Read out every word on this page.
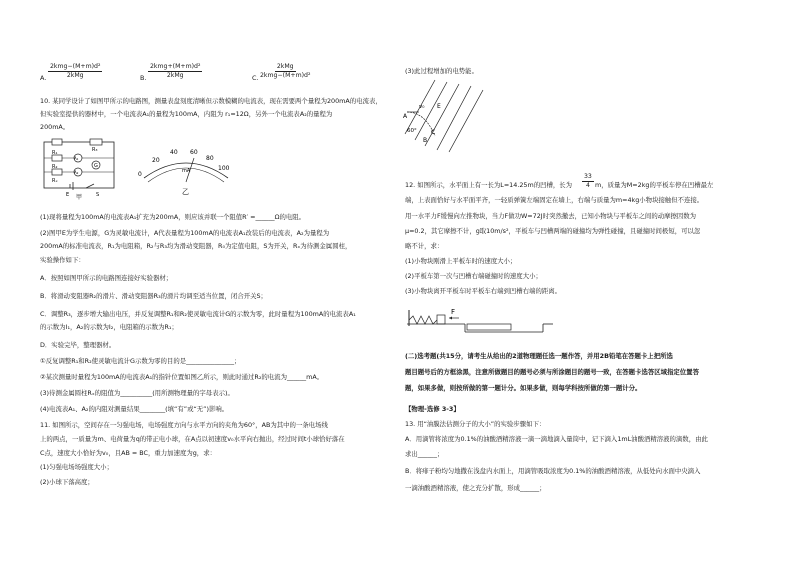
A.
2kmg−(M+m)d²
2kMg	B.
2kmg+(M+m)d²
2kMg	C.
2kMg
2kmg−(M+m)d²
10. 某同学设计了如图甲所示的电路图，测量表盘刻度清晰但示数模糊的电流表，现在需要两个量程为200mA的电流表，
但实验室提供的器材中，一个电流表A₁的量程为100mA，内阻为 r₁=12Ω，另外一个电流表A₂的量程为
200mA。
R₁
R₂
Rₓ
R₃
A₁
A₂
G
E	S
甲
0
20
40 60
80
100
mA
乙
(1)现将量程为100mA的电流表A₁扩充为200mA，则应该并联一个阻值R′ =______Ω的电阻。
(2)图甲E为学生电源，G为灵敏电流计，A代表量程为100mA的电流表A₁改装后的电流表，A₂为量程为
200mA的标准电流表，R₁为电阻箱，R₂与R₃均为滑动变阻器，R₀为定值电阻，S为开关，Rₓ为待测金属圆柱，
实验操作如下：
A．按照如图甲所示的电路图连接好实验器材；
B．将滑动变阻器R₂的滑片、滑动变阻器R₃的滑片均调至适当位置，闭合开关S；
C．调整R₃，逐步增大输出电压，并反复调整R₁和R₂使灵敏电流计G的示数为零，此时量程为100mA的电流表A₁
的示数为I₁，A₂的示数为I₂，电阻箱的示数为R₁；
D．实验完毕，整理器材。
①反复调整R₁和R₂使灵敏电流计G示数为零的目的是_______________；
②某次测量时量程为100mA的电流表A₁的指针位置如图乙所示，则此时通过R₂的电流为______mA。
(3)待测金属圆柱Rₓ的阻值为__________(用所测物理量的字母表示)。
(4)电流表A₁、A₂的内阻对测量结果________(填“有”或“无”)影响。
11. 如图所示，空间存在一匀强电场，电场强度方向与水平方向的夹角为60°，AB为其中的一条电场线
上的两点，一质量为m、电荷量为q的带正电小球，在A点以初速度v₀水平向右抛出，经过时间t小球恰好落在
C点，速度大小恰好为v₀，且AB = BC，重力加速度为g，求：
(1)匀强电场场强度大小；
(2)小球下落高度；
(3)此过程增加的电势能。
v₀
A
E
60°
B
C
12. 如图所示，水平面上有一长为L=14.25m的凹槽，长为 $\frac{33}{4}$ m，质量为M=2kg的平板车停在凹槽最左
端，上表面恰好与水平面平齐，一轻质弹簧左端固定在墙上，右端与质量为m=4kg小物块接触但不连接。
用一水平力F缓慢向左推物块，当力F做功W=72J时突然撤去，已知小物块与平板车之间的动摩擦因数为
μ=0.2，其它摩擦不计，g取10m/s²，平板车与凹槽两端的碰撞均为弹性碰撞，且碰撞时间极短，可以忽
略不计，求：
(1)小物块刚滑上平板车时的速度大小；
(2)平板车第一次与凹槽右端碰撞时的速度大小；
(3)小物块离开平板车时平板车右端到凹槽右端的距离。
F
(二)选考题(共15分，请考生从给出的2道物理题任选一题作答，并用2B铅笔在答题卡上把所选
题目题号后的方框涂黑，注意所做题目的题号必须与所涂题目的题号一致，在答题卡选答区域指定位置答
题，如果多做，则按所做的第一题计分。如果多做，则每学科按所做的第一题计分。
【物理-选修 3-3】
13. 用“油膜法估测分子的大小”的实验步骤如下：
A．用滴管将浓度为0.1%的油酸酒精溶液一滴一滴地滴入量筒中，记下滴入1mL油酸酒精溶液的滴数，由此
求出______；
B．将痱子粉均匀地撒在浅盘内水面上，用滴管吸取浓度为0.1%的油酸酒精溶液，从低处向水面中央滴入
一滴油酸酒精溶液，使之充分扩散，形成______；
